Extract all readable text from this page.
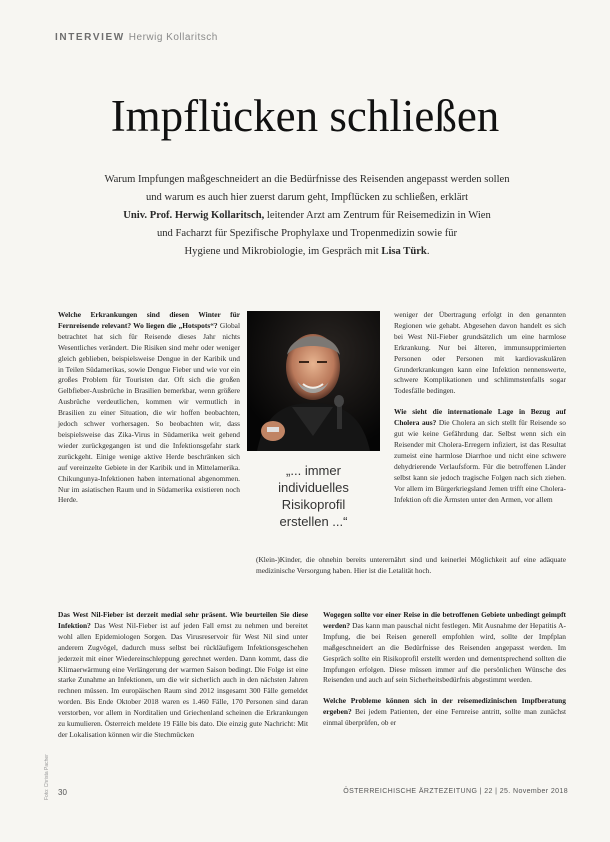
INTERVIEW Herwig Kollaritsch
Impflücken schließen
Warum Impfungen maßgeschneidert an die Bedürfnisse des Reisenden angepasst werden sollen
und warum es auch hier zuerst darum geht, Impflücken zu schließen, erklärt
Univ. Prof. Herwig Kollaritsch, leitender Arzt am Zentrum für Reisemedizin in Wien
und Facharzt für Spezifische Prophylaxe und Tropenmedizin sowie für
Hygiene und Mikrobiologie, im Gespräch mit Lisa Türk.

Welche Erkrankungen sind diesen Winter für Fernreisende relevant? Wo liegen die „Hotspots“? Global betrachtet hat sich für Reisende dieses Jahr nichts Wesentliches verändert. Die Risiken sind mehr oder weniger gleich geblieben, beispielsweise Dengue in der Karibik und in Teilen Südamerikas, sowie Dengue Fieber und wie vor ein großes Problem für Touristen dar. Oft sich die großen Gelbfieber-Ausbrüche in Brasilien bemerkbar, wenn größere Ausbrüche verdeutlichen, kommen wir vermutlich in Brasilien zu einer Situation, die wir hoffen beobachten, jedoch schwer vorhersagen. So beobachten wir, dass beispielsweise das Zika-Virus in Südamerika weit gehend wieder zurückgegangen ist und die Infektionsgefahr stark zurückgeht. Einige wenige aktive Herde beschränken sich auf vereinzelte Gebiete in der Karibik und in Mittelamerika. Chikungunya-Infektionen haben international abgenommen. Nur im asiatischen Raum und in Südamerika existieren noch Herde.

„... immer
individuelles
Risikoprofil
erstellen ...“

weniger der Übertragung erfolgt in den genannten Regionen wie gehabt. Abgesehen davon handelt es sich bei West Nil-Fieber grundsätzlich um eine harmlose Erkrankung. Nur bei älteren, immunsupprimierten Personen oder Personen mit kardiovaskulären Grunderkrankungen kann eine Infektion nennenswerte, schwere Komplikationen und schlimmstenfalls sogar Todesfälle bedingen.

Wie sieht die internationale Lage in Bezug auf Cholera aus? Die Cholera an sich stellt für Reisende so gut wie keine Gefährdung dar. Selbst wenn sich ein Reisender mit Cholera-Erregern infiziert, ist das Resultat zumeist eine harmlose Diarrhoe und nicht eine schwere dehydrierende Verlaufsform. Für die betroffenen Länder selbst kann sie jedoch tragische Folgen nach sich ziehen. Vor allem im Bürgerkriegsland Jemen trifft eine Cholera-Infektion oft die Ärmsten unter den Armen, vor allem

(Klein-)Kinder, die ohnehin bereits unterernährt sind und keinerlei Möglichkeit auf eine adäquate medizinische Versorgung haben. Hier ist die Letalität hoch.

Das West Nil-Fieber ist derzeit medial sehr präsent. Wie beurteilen Sie diese Infektion? Das West Nil-Fieber ist auf jeden Fall ernst zu nehmen und bereitet wohl allen Epidemiologen Sorgen. Das Virusreservoir für West Nil sind unter anderem Zugvögel, dadurch muss selbst bei rückläufigem Infektionsgeschehen jederzeit mit einer Wiedereinschleppung gerechnet werden. Dann kommt, dass die Klimaerwärmung eine Verlängerung der warmen Saison bedingt. Die Folge ist eine starke Zunahme an Infektionen, um die wir sicherlich auch in den nächsten Jahren rechnen müssen. Im europäischen Raum sind 2012 insgesamt 300 Fälle gemeldet worden. Bis Ende Oktober 2018 waren es 1.460 Fälle, 170 Personen sind daran verstorben, vor allem in Norditalien und Griechenland scheinen die Erkrankungen zu kumulieren. Österreich meldete 19 Fälle bis dato. Die einzig gute Nachricht: Mit der Lokalisation können wir die Stechmücken

Wogegen sollte vor einer Reise in die betroffenen Gebiete unbedingt geimpft werden? Das kann man pauschal nicht festlegen. Mit Ausnahme der Hepatitis A-Impfung, die bei Reisen generell empfohlen wird, sollte der Impfplan maßgeschneidert an die Bedürfnisse des Reisenden angepasst werden. Im Gespräch sollte ein Risikoprofil erstellt werden und dementsprechend sollten die Impfungen erfolgen. Diese müssen immer auf die persönlichen Wünsche des Reisenden und auch auf sein Sicherheitsbedürfnis abgestimmt werden.

Welche Probleme können sich in der reisemedizinischen Impfberatung ergeben? Bei jedem Patienten, der eine Fernreise antritt, sollte man zunächst einmal überprüfen, ob er

Foto: Christa Pacher	30	ÖSTERREICHISCHE ÄRZTEZEITUNG | 22 | 25. November 2018
